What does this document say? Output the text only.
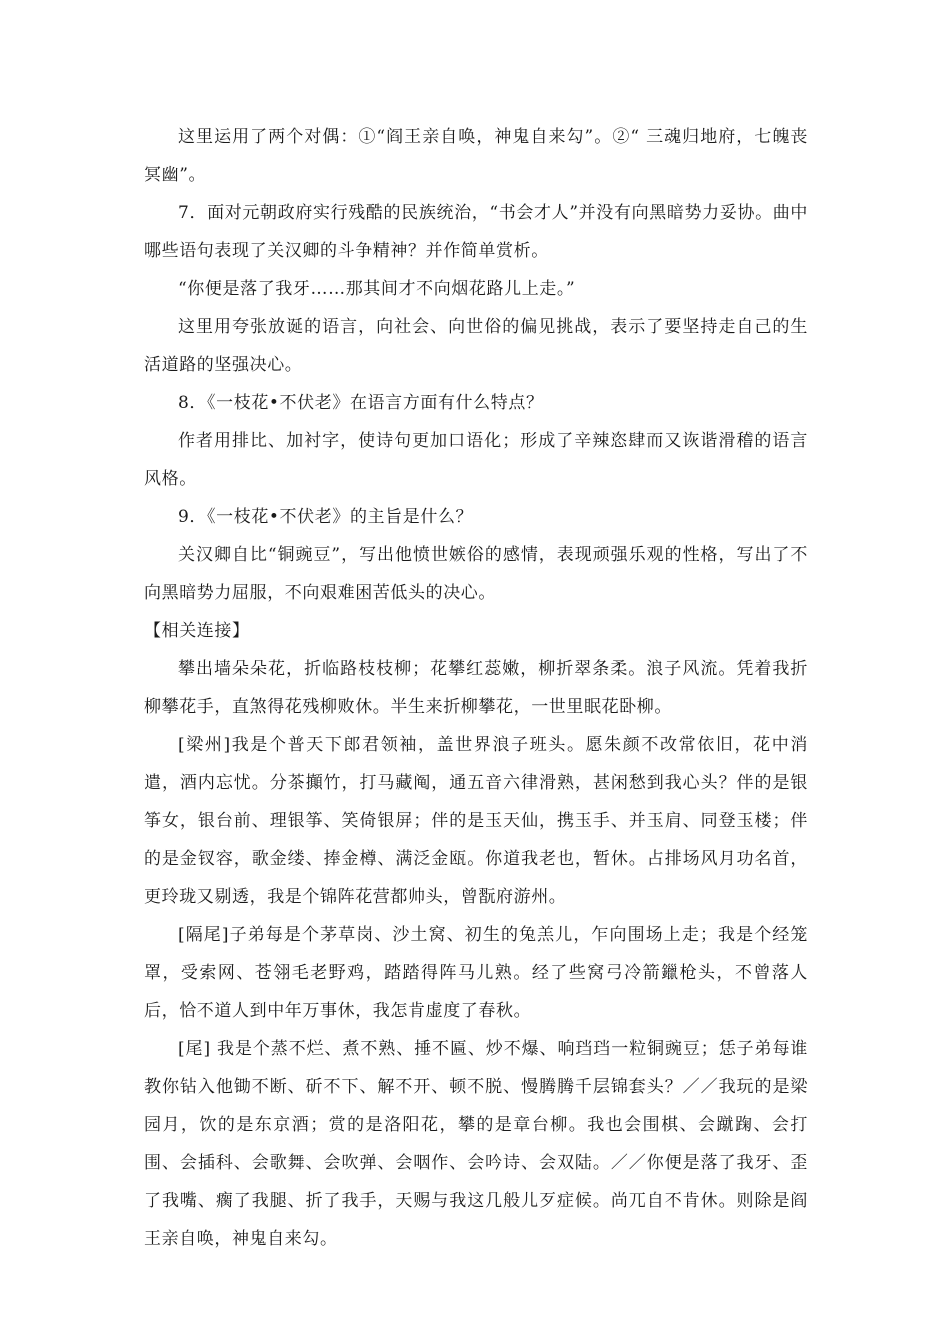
这里运用了两个对偶：①“阎王亲自唤，神鬼自来勾”。②“ 三魂归地府，七魄丧冥幽”。

7．面对元朝政府实行残酷的民族统治，“书会才人”并没有向黑暗势力妥协。曲中哪些语句表现了关汉卿的斗争精神？并作简单赏析。

“你便是落了我牙……那其间才不向烟花路儿上走。”

这里用夸张放诞的语言，向社会、向世俗的偏见挑战，表示了要坚持走自己的生活道路的坚强决心。

8．《一枝花•不伏老》在语言方面有什么特点？

作者用排比、加衬字，使诗句更加口语化；形成了辛辣恣肆而又诙谐滑稽的语言风格。

9．《一枝花•不伏老》的主旨是什么？

关汉卿自比“铜豌豆”，写出他愤世嫉俗的感情，表现顽强乐观的性格，写出了不向黑暗势力屈服，不向艰难困苦低头的决心。

【相关连接】

攀出墙朵朵花，折临路枝枝柳；花攀红蕊嫩，柳折翠条柔。浪子风流。凭着我折柳攀花手，直煞得花残柳败休。半生来折柳攀花，一世里眠花卧柳。

[梁州]我是个普天下郎君领袖，盖世界浪子班头。愿朱颜不改常依旧，花中消遣，酒内忘忧。分茶攧竹，打马藏阄，通五音六律滑熟，甚闲愁到我心头？伴的是银筝女，银台前、理银筝、笑倚银屏；伴的是玉天仙，携玉手、并玉肩、同登玉楼；伴的是金钗容，歌金缕、捧金樽、满泛金瓯。你道我老也，暂休。占排场风月功名首，更玲珑又剔透，我是个锦阵花营都帅头，曾翫府游州。

[隔尾]子弟每是个茅草岗、沙土窝、初生的兔羔儿，乍向围场上走；我是个经笼罩，受索网、苍翎毛老野鸡，踏踏得阵马儿熟。经了些窝弓冷箭鑞枪头，不曾落人后，恰不道人到中年万事休，我怎肯虚度了春秋。

[尾] 我是个蒸不烂、煮不熟、捶不匾、炒不爆、响珰珰一粒铜豌豆；恁子弟每谁教你钻入他锄不断、斫不下、解不开、顿不脱、慢腾腾千层锦套头？／／我玩的是梁园月，饮的是东京酒；赏的是洛阳花，攀的是章台柳。我也会围棋、会蹴踘、会打围、会插科、会歌舞、会吹弹、会咽作、会吟诗、会双陆。／／你便是落了我牙、歪了我嘴、瘸了我腿、折了我手，天赐与我这几般儿歹症候。尚兀自不肯休。则除是阎王亲自唤，神鬼自来勾。
